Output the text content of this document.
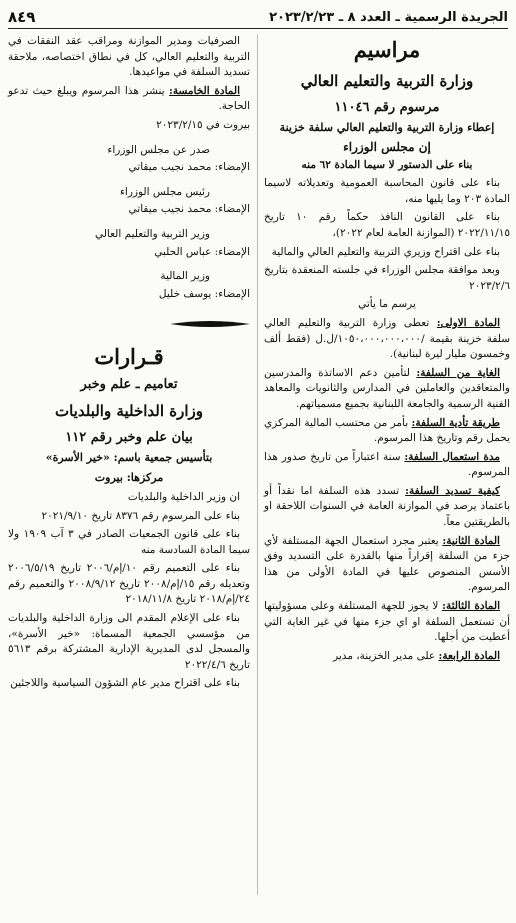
الجريدة الرسمية ـ العدد ٨ ـ ٢٠٢٣/٢/٢٣
٨٤٩
مراسيم
وزارة التربية والتعليم العالي
مرسوم رقم ١١٠٤٦
إعطاء وزارة التربية والتعليم العالي سلفة خزينة
إن مجلس الوزراء

بناء على الدستور لا سيما المادة ٦٢ منه

بناء على قانون المحاسبة العمومية وتعديلاته لاسيما المادة ٢٠٣ وما يليها منه،

بناء على القانون النافذ حكماً رقم ١٠ تاريخ ٢٠٢٢/١١/١٥ (الموازنة العامة لعام ٢٠٢٢)،

بناء على اقتراح وزيري التربية والتعليم العالي والمالية

وبعد موافقة مجلس الوزراء في جلسته المنعقدة بتاريخ ٢٠٢٣/٢/٦

يرسم ما يأتي

المادة الاولى: تعطى وزارة التربية والتعليم العالي سلفة خزينة بقيمة /١٠٥٠،٠٠٠،٠٠٠،٠٠٠/ل.ل (فقط ألف وخمسون مليار ليرة لبنانية).

الغاية من السلفة: لتأمين دعم الاساتذة والمدرسين والمتعاقدين والعاملين في المدارس والثانويات والمعاهد الفنية الرسمية والجامعة اللبنانية بجميع مسمياتهم.

طريقة تأدية السلفة: بأمر من محتسب المالية المركزي يحمل رقم وتاريخ هذا المرسوم.

مدة استعمال السلفة: سنة اعتباراً من تاريخ صدور هذا المرسوم.

كيفية تسديد السلفة: تسدد هذه السلفة اما نقداً أو باعتماد يرصد في الموازنة العامة في السنوات اللاحقة او بالطريقتين معاً.

المادة الثانية: يعتبر مجرد استعمال الجهة المستلفة لأي جزء من السلفة إقراراً منها بالقدرة على التسديد وفق الأسس المنصوص عليها في المادة الأولى من هذا المرسوم.

المادة الثالثة: لا يجوز للجهة المستلفة وعلى مسؤوليتها أن تستعمل السلفة او اي جزء منها في غير الغاية التي أعطيت من أجلها.

المادة الرابعة: على مدير الخزينة، مدير

الصرفيات ومدير الموازنة ومراقب عقد النفقات في التربية والتعليم العالي، كل في نطاق اختصاصه، ملاحقة تسديد السلفة في مواعيدها.

المادة الخامسة: ينشر هذا المرسوم ويبلغ حيث تدعو الحاجة.

بيروت في ٢٠٢٣/٢/١٥

صدر عن مجلس الوزراء

الإمضاء: محمد نجيب ميقاتي

رئيس مجلس الوزراء

الإمضاء: محمد نجيب ميقاتي

وزير التربية والتعليم العالي

الإمضاء: عباس الحلبي

وزير المالية

الإمضاء: يوسف خليل

قـرارات
تعاميم ـ علم وخبر
وزارة الداخلية والبلديات
بيان علم وخبر رقم ١١٢
بتأسيس جمعية باسم: «خير الأسرة»
مركزها: بيروت

ان وزير الداخلية والبلديات

بناء على المرسوم رقم ٨٣٧٦ تاريخ ٢٠٢١/٩/١٠

بناء على قانون الجمعيات الصادر في ٣ آب ١٩٠٩ ولا سيما المادة السادسة منه

بناء على التعميم رقم ١٠/إم/٢٠٠٦ تاريخ ٢٠٠٦/٥/١٩ وتعديله رقم ١٥/إم/٢٠٠٨ تاريخ ٢٠٠٨/٩/١٢ والتعميم رقم ٢٤/إم/٢٠١٨ تاريخ ٢٠١٨/١١/٨

بناء على الإعلام المقدم الى وزارة الداخلية والبلديات من مؤسسي الجمعية المسماة: «خير الأسرة»، والمسجل لدى المديرية الإدارية المشتركة برقم ٥٦١٣ تاريخ ٢٠٢٢/٤/٦

بناء على اقتراح مدير عام الشؤون السياسية واللاجئين
